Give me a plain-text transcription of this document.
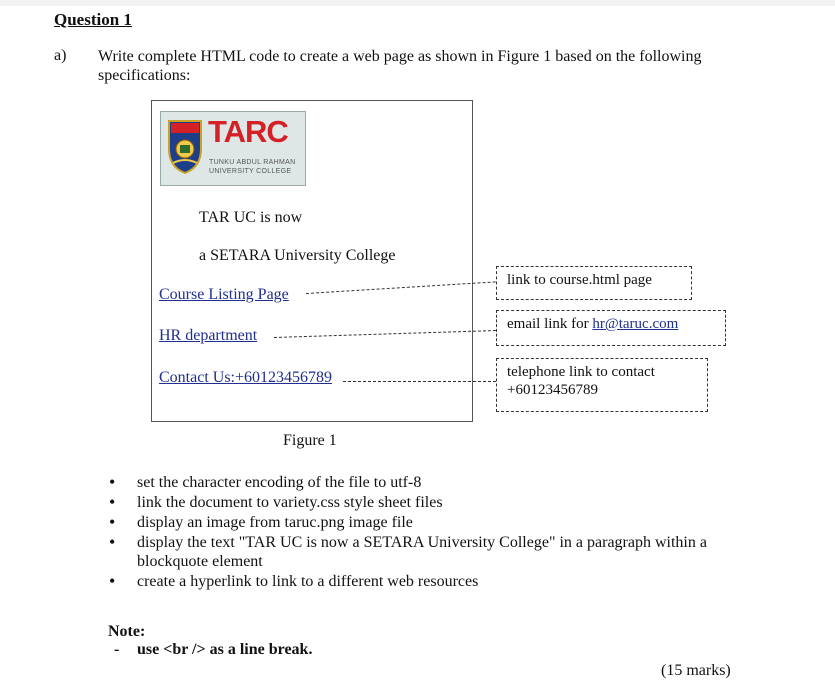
Question 1
a) Write complete HTML code to create a web page as shown in Figure 1 based on the following specifications:
TARC
TUNKU ABDUL RAHMAN
UNIVERSITY COLLEGE
TAR UC is now
a SETARA University College
Course Listing Page
HR department
Contact Us:+60123456789
link to course.html page
email link for hr@taruc.com
telephone link to contact
+60123456789
Figure 1
• set the character encoding of the file to utf-8
• link the document to variety.css style sheet files
• display an image from taruc.png image file
• display the text "TAR UC is now a SETARA University College" in a paragraph within a blockquote element
• create a hyperlink to link to a different web resources
Note:
- use <br /> as a line break.
(15 marks)
